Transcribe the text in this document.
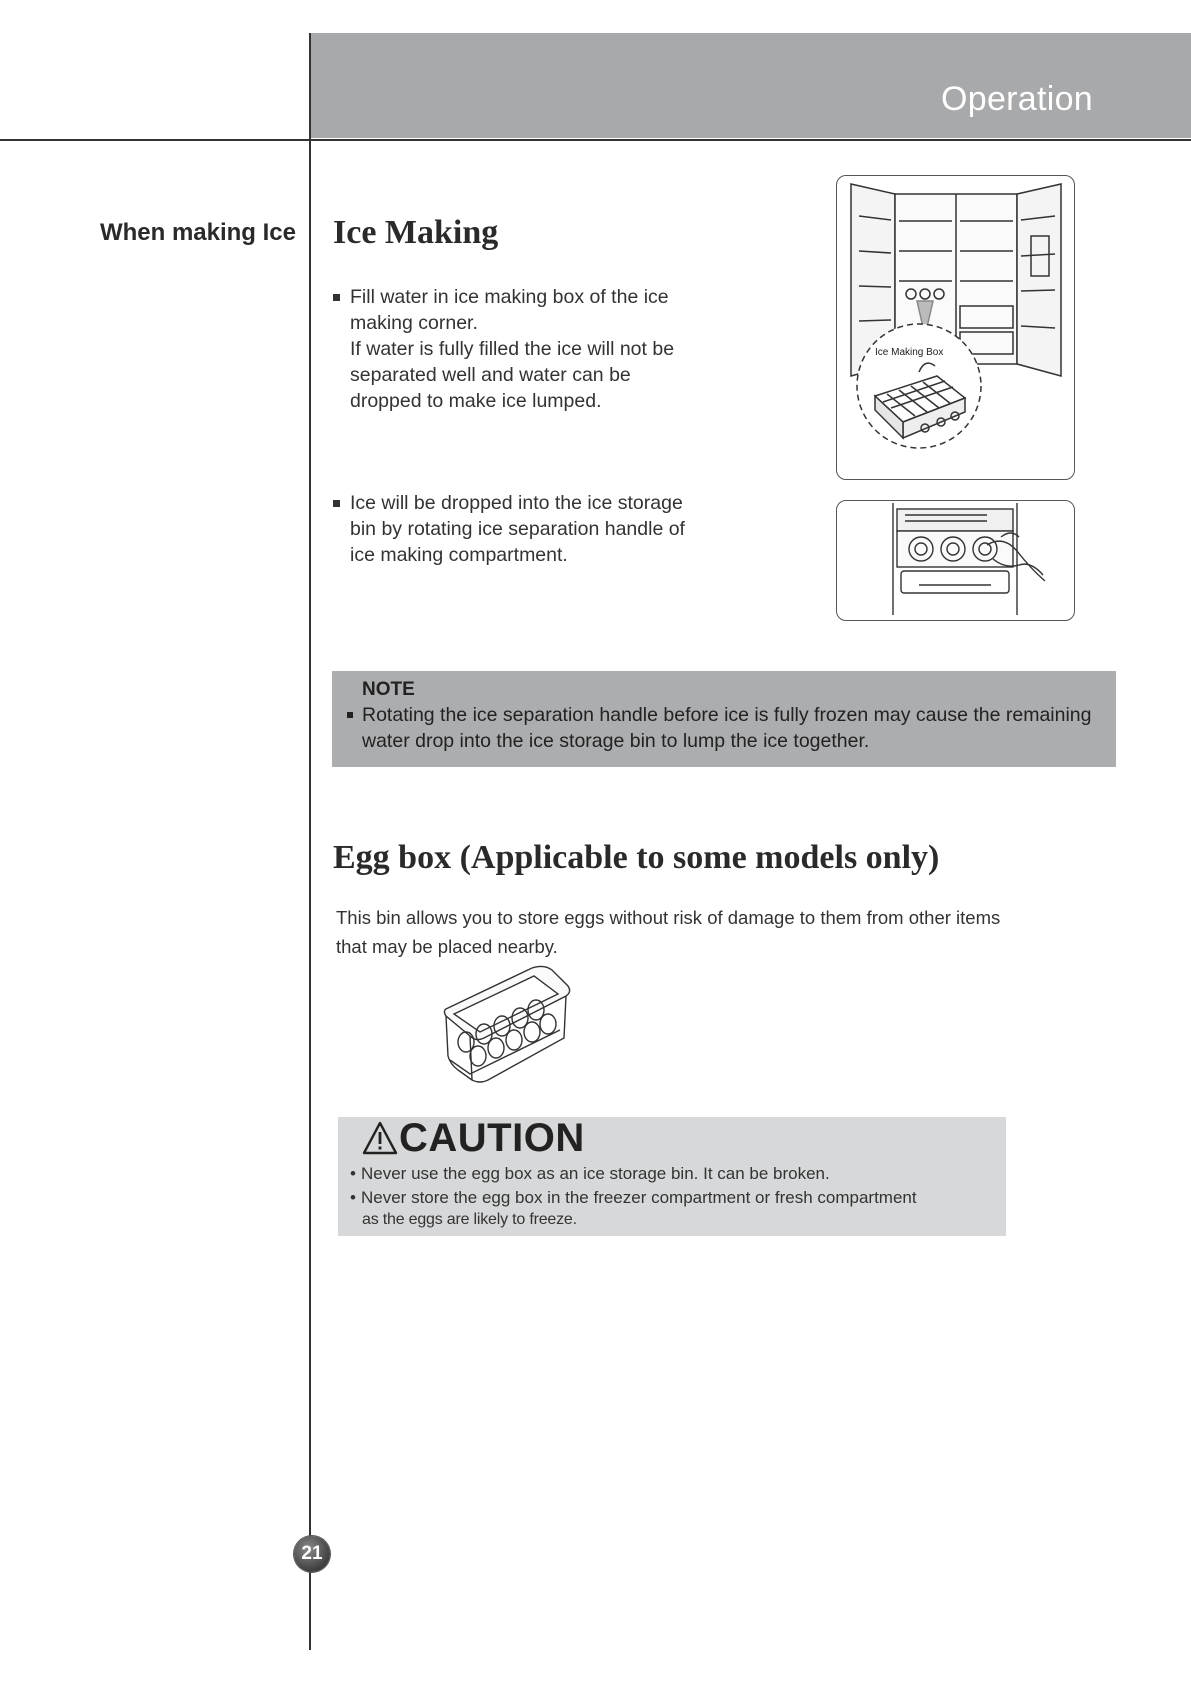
Operation
When making Ice Ice Making
Fill water in ice making box of the ice
making corner.
If water is fully filled the ice will not be
separated well and water can be
dropped to make ice lumped.
Ice will be dropped into the ice storage
bin by rotating ice separation handle of
ice making compartment.
Ice Making Box
NOTE
Rotating the ice separation handle before ice is fully frozen may cause the remaining water drop into the ice storage bin to lump the ice together.
Egg box (Applicable to some models only)
This bin allows you to store eggs without risk of damage to them from other items that may be placed nearby.
CAUTION
• Never use the egg box as an ice storage bin. It can be broken.
• Never store the egg box in the freezer compartment or fresh compartment
as the eggs are likely to freeze.
21
